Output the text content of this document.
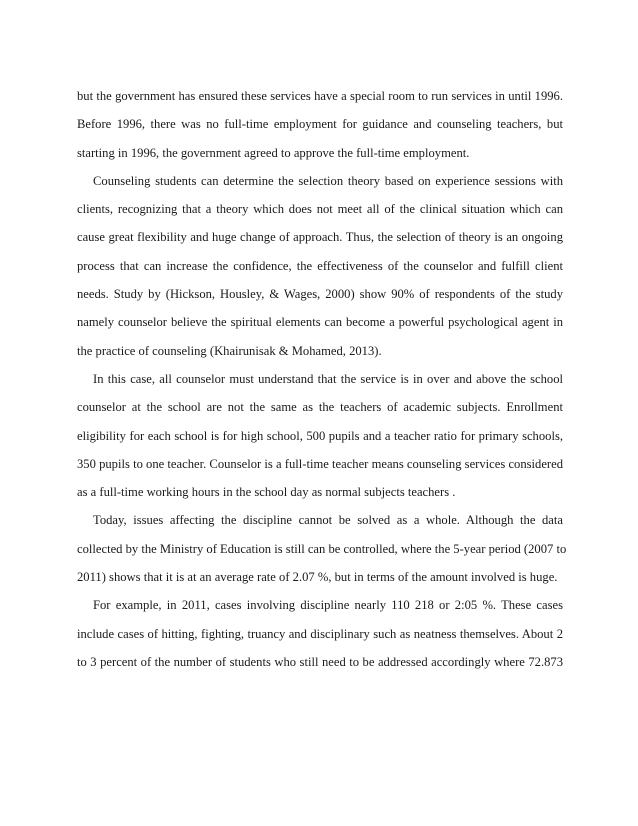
but the government has ensured these services have a special room to run services in until 1996.
Before 1996, there was no full-time employment for guidance and counseling teachers, but
starting in 1996, the government agreed to approve the full-time employment.
Counseling students can determine the selection theory based on experience sessions with
clients, recognizing that a theory which does not meet all of the clinical situation which can
cause great flexibility and huge change of approach. Thus, the selection of theory is an ongoing
process that can increase the confidence, the effectiveness of the counselor and fulfill client
needs. Study by (Hickson, Housley, & Wages, 2000) show 90% of respondents of the study
namely counselor believe the spiritual elements can become a powerful psychological agent in
the practice of counseling (Khairunisak & Mohamed, 2013).
In this case, all counselor must understand that the service is in over and above the school
counselor at the school are not the same as the teachers of academic subjects. Enrollment
eligibility for each school is for high school, 500 pupils and a teacher ratio for primary schools,
350 pupils to one teacher. Counselor is a full-time teacher means counseling services considered
as a full-time working hours in the school day as normal subjects teachers .
Today, issues affecting the discipline cannot be solved as a whole. Although the data
collected by the Ministry of Education is still can be controlled, where the 5-year period (2007 to
2011) shows that it is at an average rate of 2.07 %, but in terms of the amount involved is huge.
For example, in 2011, cases involving discipline nearly 110 218 or 2:05 %. These cases
include cases of hitting, fighting, truancy and disciplinary such as neatness themselves. About 2
to 3 percent of the number of students who still need to be addressed accordingly where 72.873
